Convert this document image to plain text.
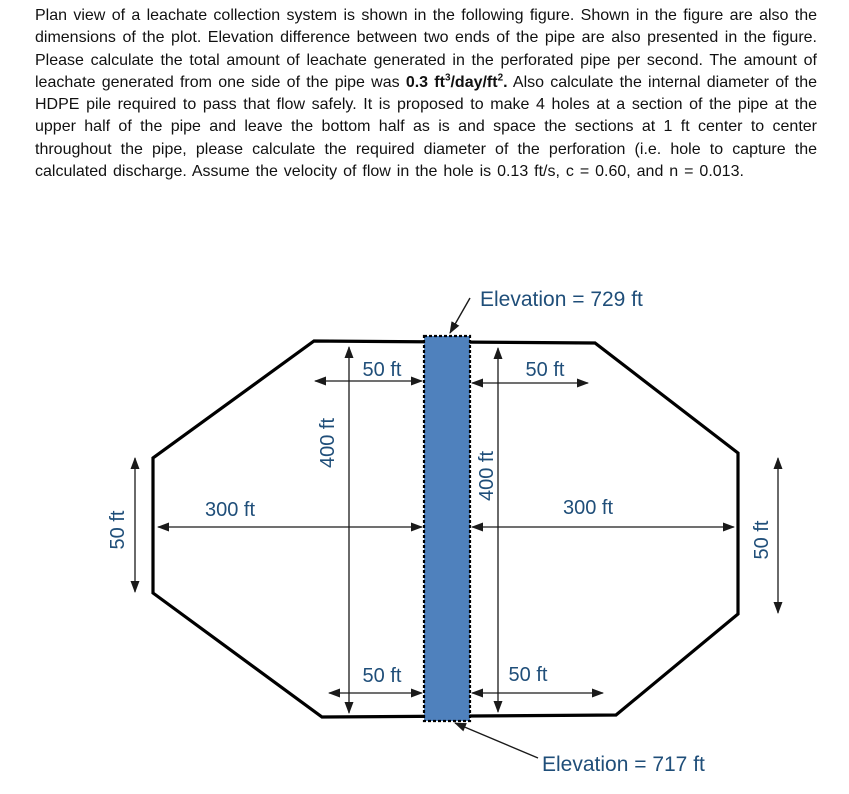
Plan view of a leachate collection system is shown in the following figure. Shown in the figure are also the dimensions of the plot. Elevation difference between two ends of the pipe are also presented in the figure. Please calculate the total amount of leachate generated in the perforated pipe per second. The amount of leachate generated from one side of the pipe was 0.3 $ft^3/day/ft^2$. Also calculate the internal diameter of the HDPE pile required to pass that flow safely. It is proposed to make 4 holes at a section of the pipe at the upper half of the pipe and leave the bottom half as is and space the sections at 1 ft center to center throughout the pipe, please calculate the required diameter of the perforation (i.e. hole to capture the calculated discharge. Assume the velocity of flow in the hole is 0.13 ft/s, c = 0.60, and n = 0.013.

50 ft	50 ft
50 ft	50 ft
300 ft	300 ft
400 ft
400 ft
50 ft	50 ft
Elevation = 729 ft
Elevation = 717 ft
